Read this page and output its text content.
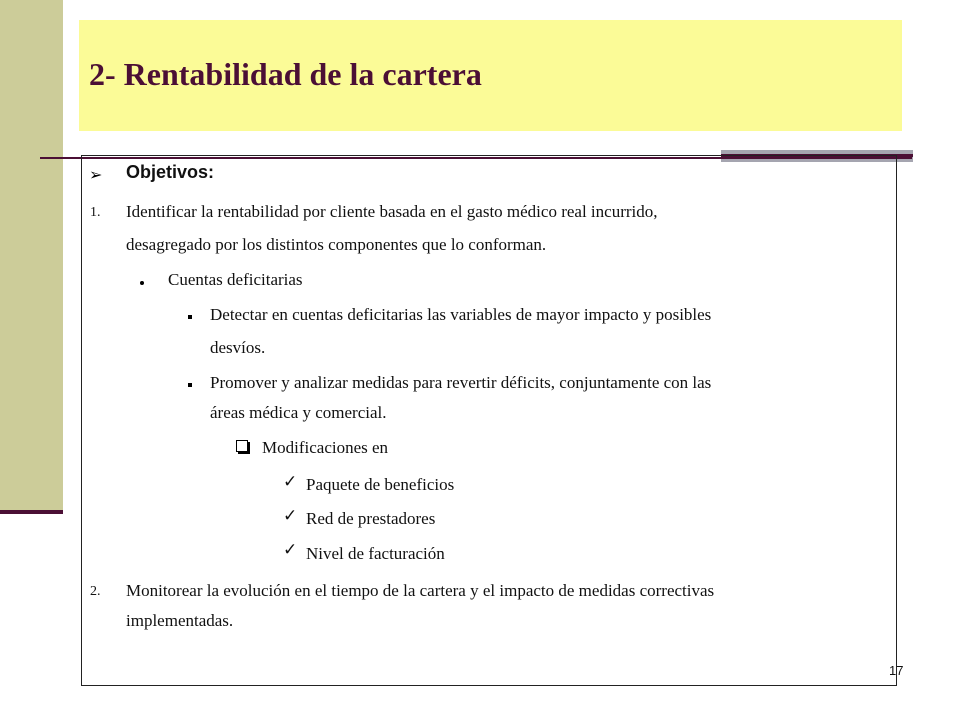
2- Rentabilidad de la cartera
➢ Objetivos:
1. Identificar la rentabilidad por cliente basada en el gasto médico real incurrido,
desagregado por los distintos componentes que lo conforman.
Cuentas deficitarias
Detectar en cuentas deficitarias las variables de mayor impacto y posibles
desvíos.
Promover y analizar medidas para revertir déficits, conjuntamente con las
áreas médica y comercial.
Modificaciones en
✓ Paquete de beneficios
✓ Red de prestadores
✓ Nivel de facturación
2. Monitorear la evolución en el tiempo de la cartera y el impacto de medidas correctivas
implementadas.
17
